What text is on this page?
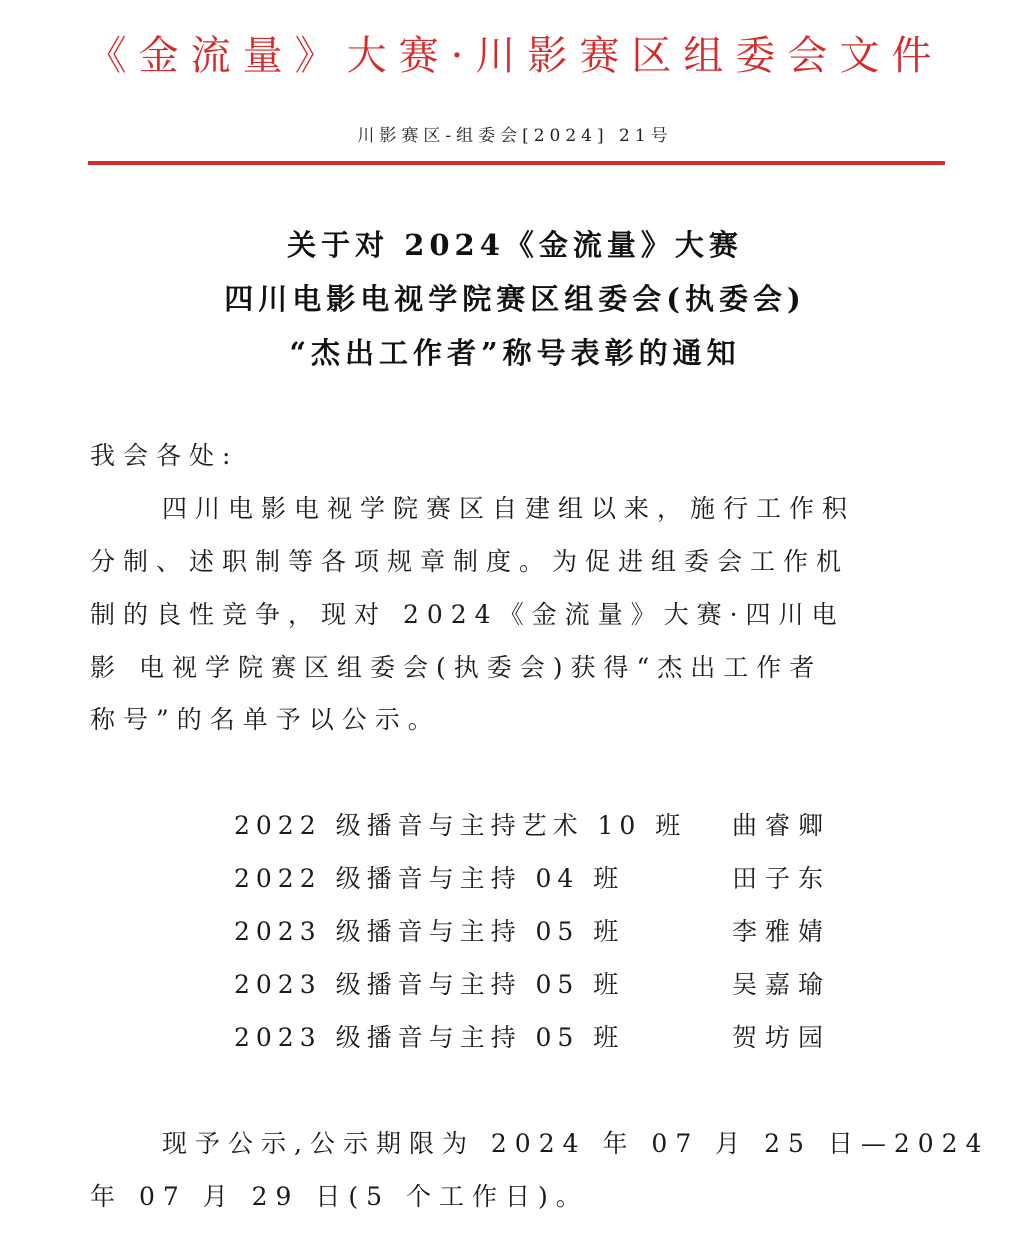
《金流量》大赛·川影赛区组委会文件
川影赛区-组委会[2024] 21号
关于对 2024《金流量》大赛
四川电影电视学院赛区组委会(执委会)
“杰出工作者”称号表彰的通知
我会各处:
四川电影电视学院赛区自建组以来，施行工作积
分制、述职制等各项规章制度。为促进组委会工作机
制的良性竞争，现对 2024《金流量》大赛·四川电
影 电视学院赛区组委会(执委会)获得“杰出工作者
称号”的名单予以公示。
2022 级播音与主持艺术 10 班 曲睿卿
2022 级播音与主持 04 班	田子东
2023 级播音与主持 05 班	李雅婧
2023 级播音与主持 05 班	吴嘉瑜
2023 级播音与主持 05 班	贺坊园
现予公示,公示期限为 2024 年 07 月 25 日—2024
年 07 月 29 日(5 个工作日)。
